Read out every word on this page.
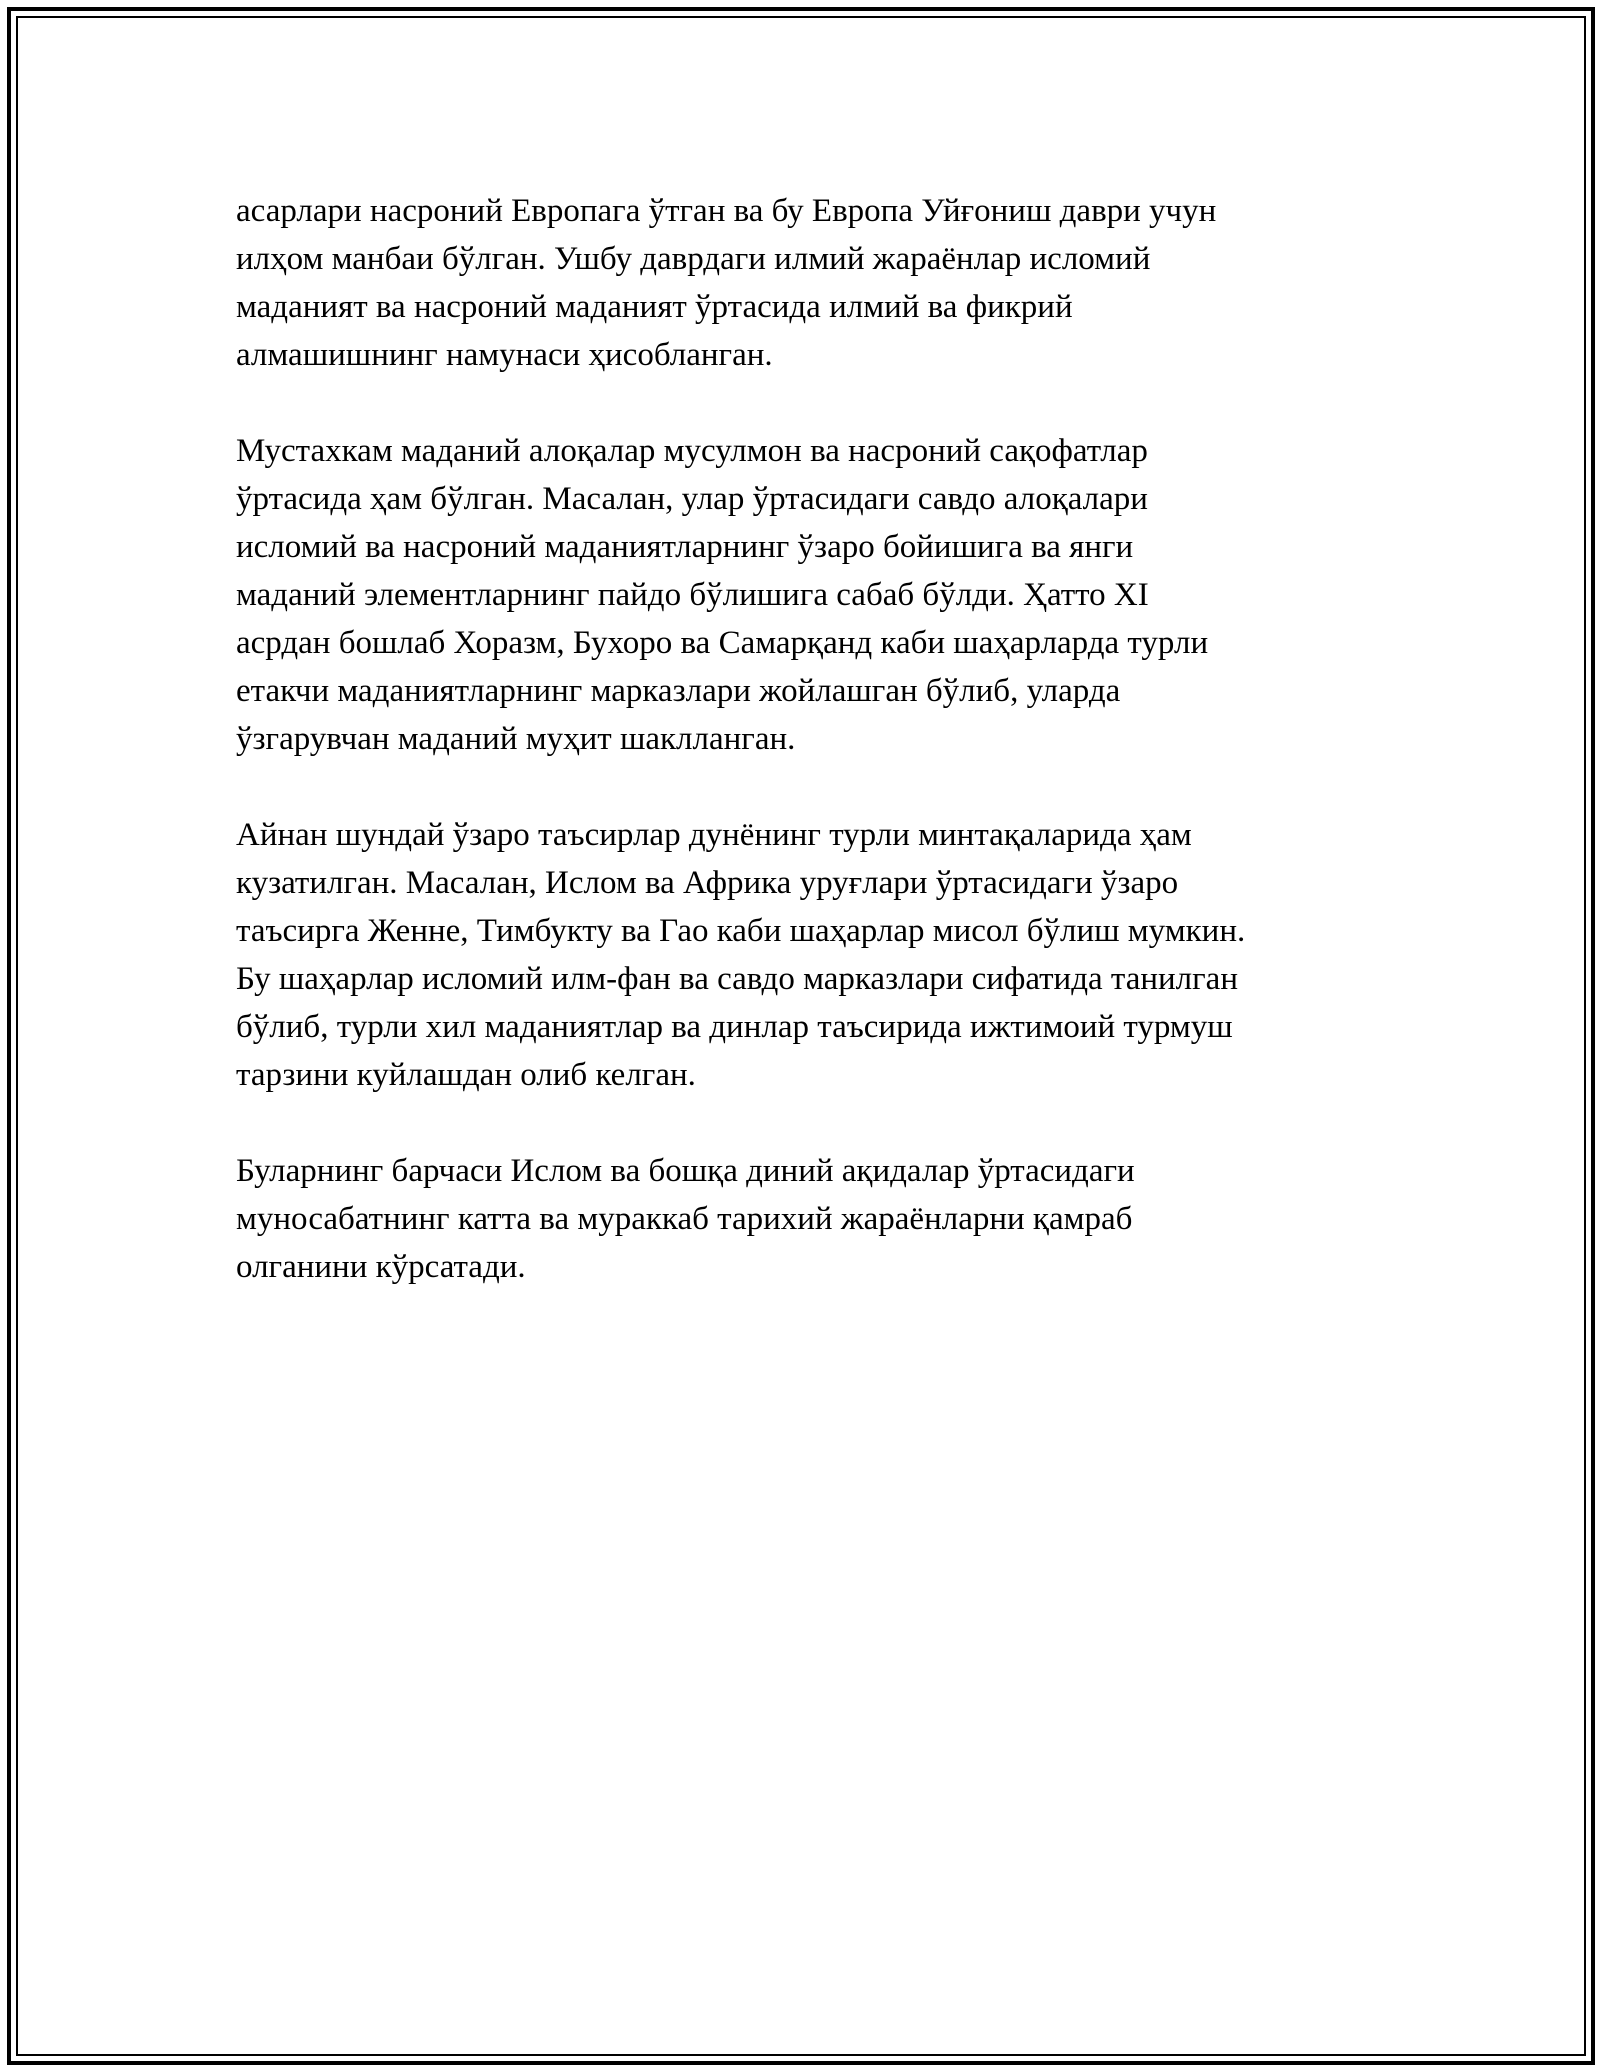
асарлари насроний Европага ўтган ва бу Европа Уйғониш даври учун
илҳом манбаи бўлган. Ушбу даврдаги илмий жараёнлар исломий
маданият ва насроний маданият ўртасида илмий ва фикрий
алмашишнинг намунаси ҳисобланган.
Мустахкам маданий алоқалар мусулмон ва насроний сақофатлар
ўртасида ҳам бўлган. Масалан, улар ўртасидаги савдо алоқалари
исломий ва насроний маданиятларнинг ўзаро бойишига ва янги
маданий элементларнинг пайдо бўлишига сабаб бўлди. Ҳатто XI
асрдан бошлаб Хоразм, Бухоро ва Самарқанд каби шаҳарларда турли
етакчи маданиятларнинг марказлари жойлашган бўлиб, уларда
ўзгарувчан маданий муҳит шаклланган.
Айнан шундай ўзаро таъсирлар дунёнинг турли минтақаларида ҳам
кузатилган. Масалан, Ислом ва Африка уруғлари ўртасидаги ўзаро
таъсирга Женне, Тимбукту ва Гао каби шаҳарлар мисол бўлиш мумкин.
Бу шаҳарлар исломий илм-фан ва савдо марказлари сифатида танилган
бўлиб, турли хил маданиятлар ва динлар таъсирида ижтимоий турмуш
тарзини куйлашдан олиб келган.
Буларнинг барчаси Ислом ва бошқа диний ақидалар ўртасидаги
муносабатнинг катта ва мураккаб тарихий жараёнларни қамраб
олганини кўрсатади.
